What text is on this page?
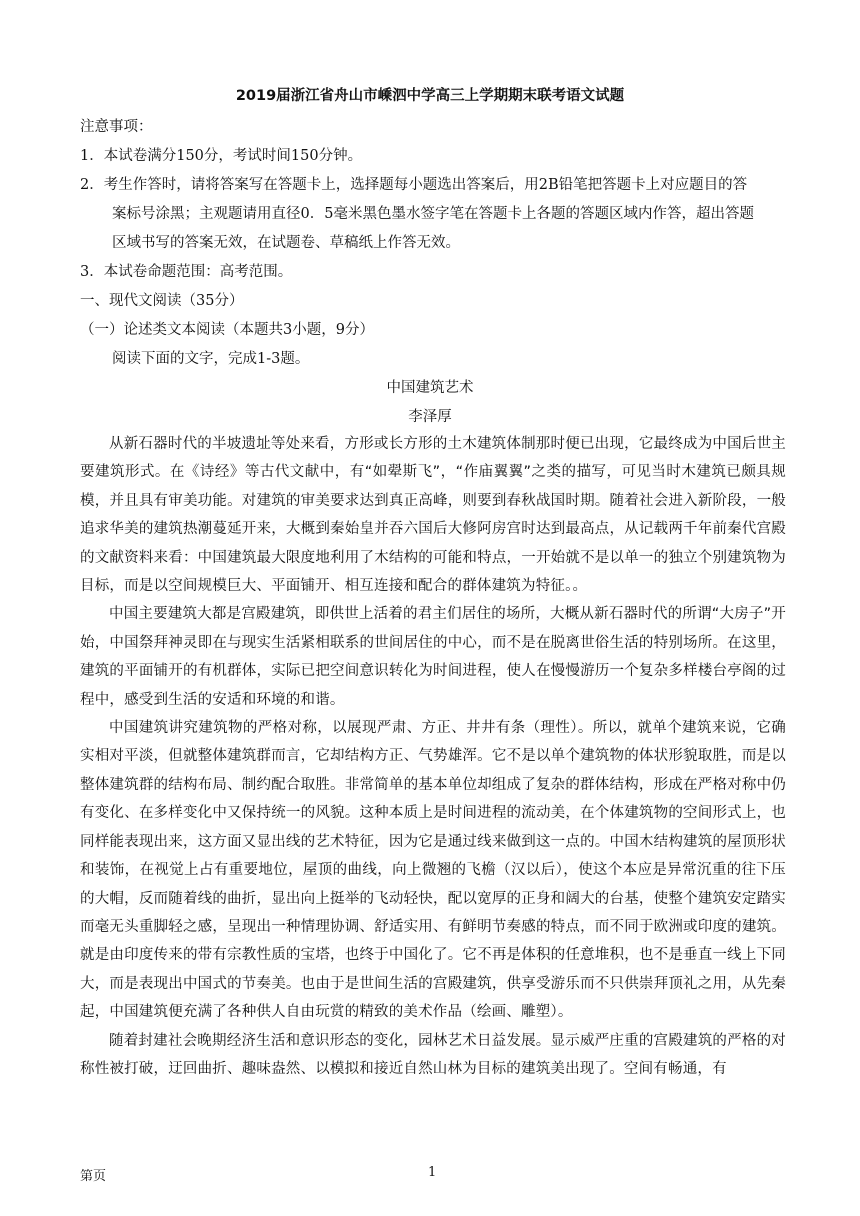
2019届浙江省舟山市嵊泗中学高三上学期期末联考语文试题
注意事项：
1．本试卷满分150分，考试时间150分钟。
2．考生作答时，请将答案写在答题卡上，选择题每小题选出答案后，用2B铅笔把答题卡上对应题目的答
案标号涂黑；主观题请用直径0．5毫米黑色墨水签字笔在答题卡上各题的答题区域内作答，超出答题
区域书写的答案无效，在试题卷、草稿纸上作答无效。
3．本试卷命题范围：高考范围。
一、现代文阅读（35分）
（一）论述类文本阅读（本题共3小题，9分）
阅读下面的文字，完成1-3题。
中国建筑艺术
李泽厚
从新石器时代的半坡遗址等处来看，方形或长方形的土木建筑体制那时便已出现，它最终成为中国后世主要建筑形式。在《诗经》等古代文献中，有“如翚斯飞”，“作庙翼翼”之类的描写，可见当时木建筑已颇具规模，并且具有审美功能。对建筑的审美要求达到真正高峰，则要到春秋战国时期。随着社会进入新阶段，一般追求华美的建筑热潮蔓延开来，大概到秦始皇并吞六国后大修阿房宫时达到最高点，从记载两千年前秦代宫殿的文献资料来看：中国建筑最大限度地利用了木结构的可能和特点，一开始就不是以单一的独立个别建筑物为目标，而是以空间规模巨大、平面铺开、相互连接和配合的群体建筑为特征。。
中国主要建筑大都是宫殿建筑，即供世上活着的君主们居住的场所，大概从新石器时代的所谓“大房子”开始，中国祭拜神灵即在与现实生活紧相联系的世间居住的中心，而不是在脱离世俗生活的特别场所。在这里，建筑的平面铺开的有机群体，实际已把空间意识转化为时间进程，使人在慢慢游历一个复杂多样楼台亭阁的过程中，感受到生活的安适和环境的和谐。
中国建筑讲究建筑物的严格对称，以展现严肃、方正、井井有条（理性）。所以，就单个建筑来说，它确实相对平淡，但就整体建筑群而言，它却结构方正、气势雄浑。它不是以单个建筑物的体状形貌取胜，而是以整体建筑群的结构布局、制约配合取胜。非常简单的基本单位却组成了复杂的群体结构，形成在严格对称中仍有变化、在多样变化中又保持统一的风貌。这种本质上是时间进程的流动美，在个体建筑物的空间形式上，也同样能表现出来，这方面又显出线的艺术特征，因为它是通过线来做到这一点的。中国木结构建筑的屋顶形状和装饰，在视觉上占有重要地位，屋顶的曲线，向上微翘的飞檐（汉以后），使这个本应是异常沉重的往下压的大帽，反而随着线的曲折，显出向上挺举的飞动轻快，配以宽厚的正身和阔大的台基，使整个建筑安定踏实而毫无头重脚轻之感，呈现出一种情理协调、舒适实用、有鲜明节奏感的特点，而不同于欧洲或印度的建筑。就是由印度传来的带有宗教性质的宝塔，也终于中国化了。它不再是体积的任意堆积，也不是垂直一线上下同大，而是表现出中国式的节奏美。也由于是世间生活的宫殿建筑，供享受游乐而不只供崇拜顶礼之用，从先秦起，中国建筑便充满了各种供人自由玩赏的精致的美术作品（绘画、雕塑）。
随着封建社会晚期经济生活和意识形态的变化，园林艺术日益发展。显示威严庄重的宫殿建筑的严格的对称性被打破，迂回曲折、趣味盎然、以模拟和接近自然山林为目标的建筑美出现了。空间有畅通，有
第页	1
